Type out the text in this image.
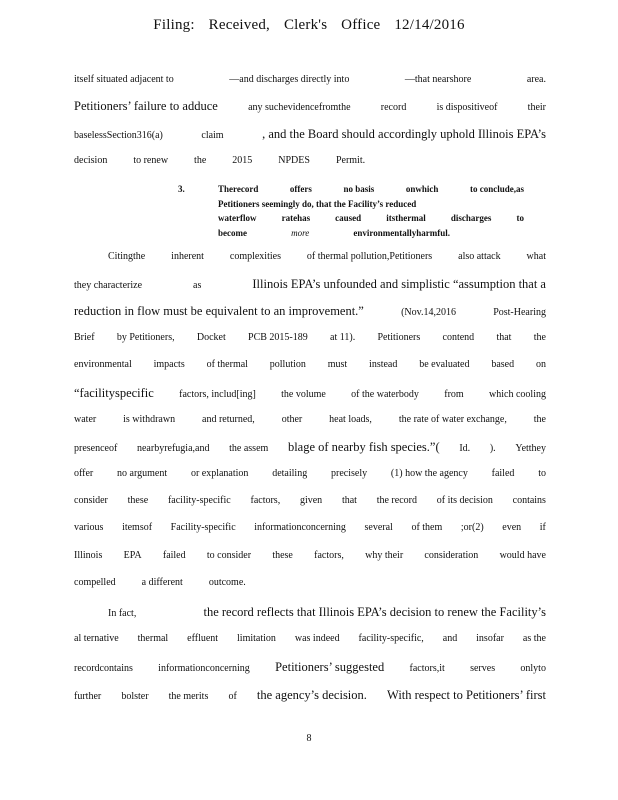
Filing: Received, Clerk's Office 12/14/2016
itself situated adjacent to	—and discharges directly into	—that nearshore	area.
Petitioners’ failure to adduce	any suchevidencefromthe	record	is dispositiveof	their
baselessSection316(a)	claim	, and the Board should accordingly uphold Illinois EPA’s
decision	to renew	the	2015	NPDES	Permit.
Citingthe	inherent	complexities	of thermal pollution,Petitioners	also attack	what
they characterize	as	Illinois EPA’s unfounded and simplistic “assumption that a
reduction in flow must be equivalent to an improvement.”	(Nov.14,2016	Post-Hearing
Brief by Petitioners, Docket PCB 2015-189 at 11). Petitioners contend that the
environmental impacts of thermal pollution must instead be evaluated based on
“facilityspecific	factors, includ[ing]	the volume	of the waterbody	from	which cooling
water	is withdrawn	and returned,	other	heat loads,	the rate of water exchange,	the
presenceof nearbyrefugia,and the assem blage of nearby fish species.”( Id. ). Yetthey
offer no argument or explanation detailing precisely (1) how the agency failed to
consider these facility-specific factors, given that the record of its decision contains
various itemsof Facility-specific informationconcerning several of them ;or(2) even if
Illinois EPA failed to consider these factors, why their consideration would have
compelled	a different	outcome.
In fact,	the record reflects that Illinois EPA’s decision to renew the Facility’s
al ternative thermal effluent limitation was indeed facility-specific, and insofar as the
recordcontains	informationconcerning Petitioners’ suggested	factors,it	serves	onlyto
further bolster the merits of the agency’s decision. With respect to Petitioners’ first
3.	Therecord	offers	no basis	onwhich	to conclude,as
Petitioners seemingly do, that the Facility’s reduced
waterflow	ratehas	caused	itsthermal	discharges	to
become	more	environmentallyharmful.
8
